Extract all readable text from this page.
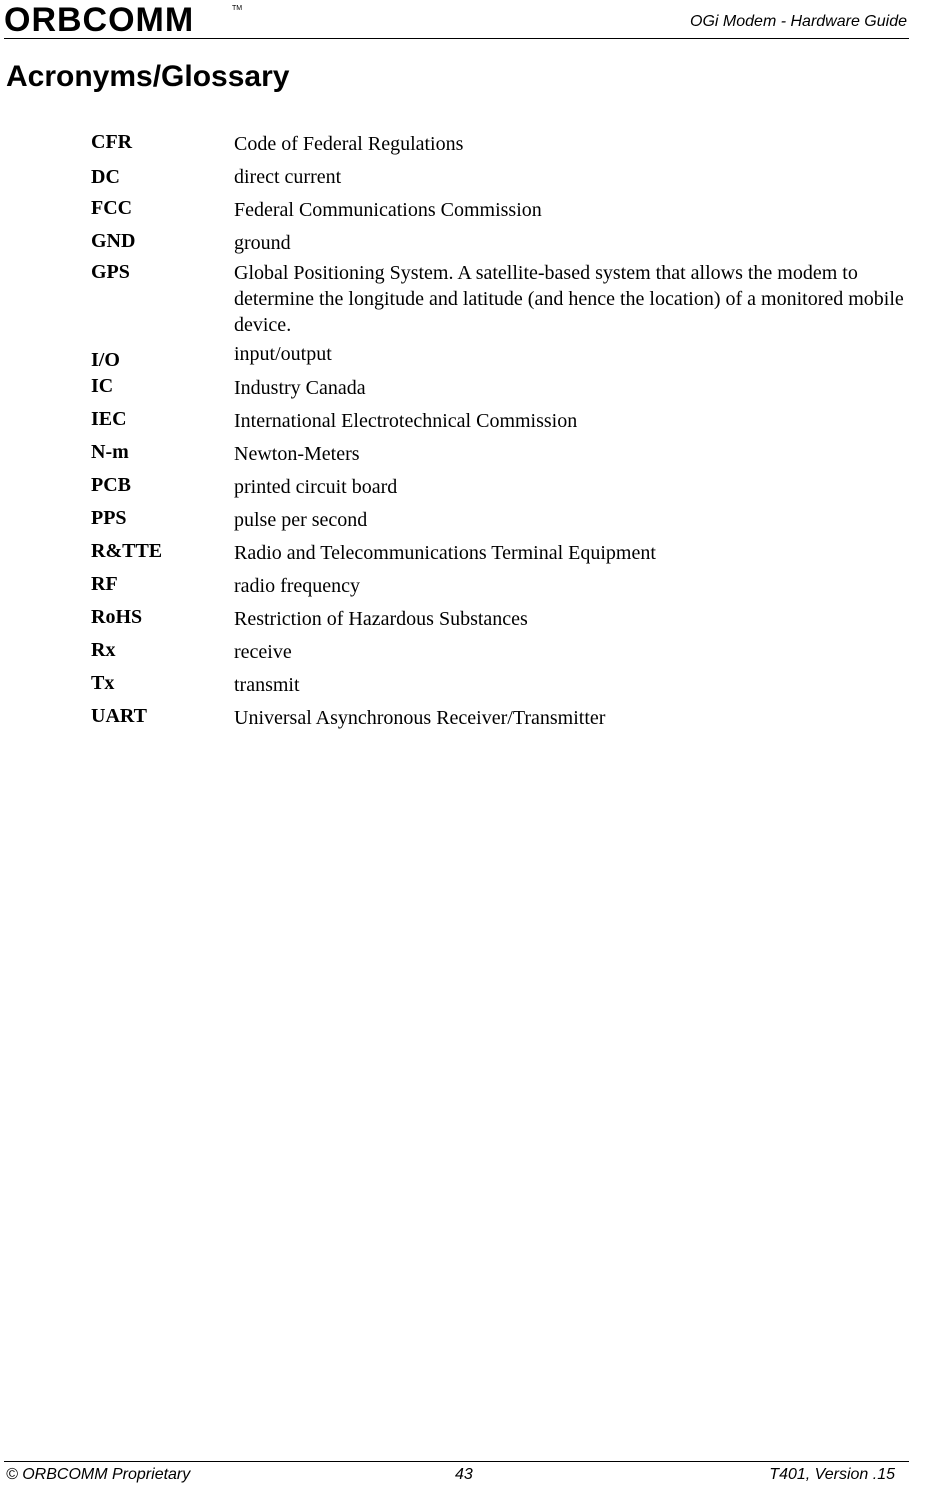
ORBCOMM	TM
OGi Modem - Hardware Guide
Acronyms/Glossary
CFR	Code of Federal Regulations
DC	direct current
FCC	Federal Communications Commission
GND	ground
GPS	Global Positioning System. A satellite-based system that allows the modem to determine the longitude and latitude (and hence the location) of a monitored mobile device.
I/O	input/output
IC	Industry Canada
IEC	International Electrotechnical Commission
N-m	Newton-Meters
PCB	printed circuit board
PPS	pulse per second
R&TTE	Radio and Telecommunications Terminal Equipment
RF	radio frequency
RoHS	Restriction of Hazardous Substances
Rx	receive
Tx	transmit
UART	Universal Asynchronous Receiver/Transmitter
© ORBCOMM Proprietary	43	T401, Version .15
